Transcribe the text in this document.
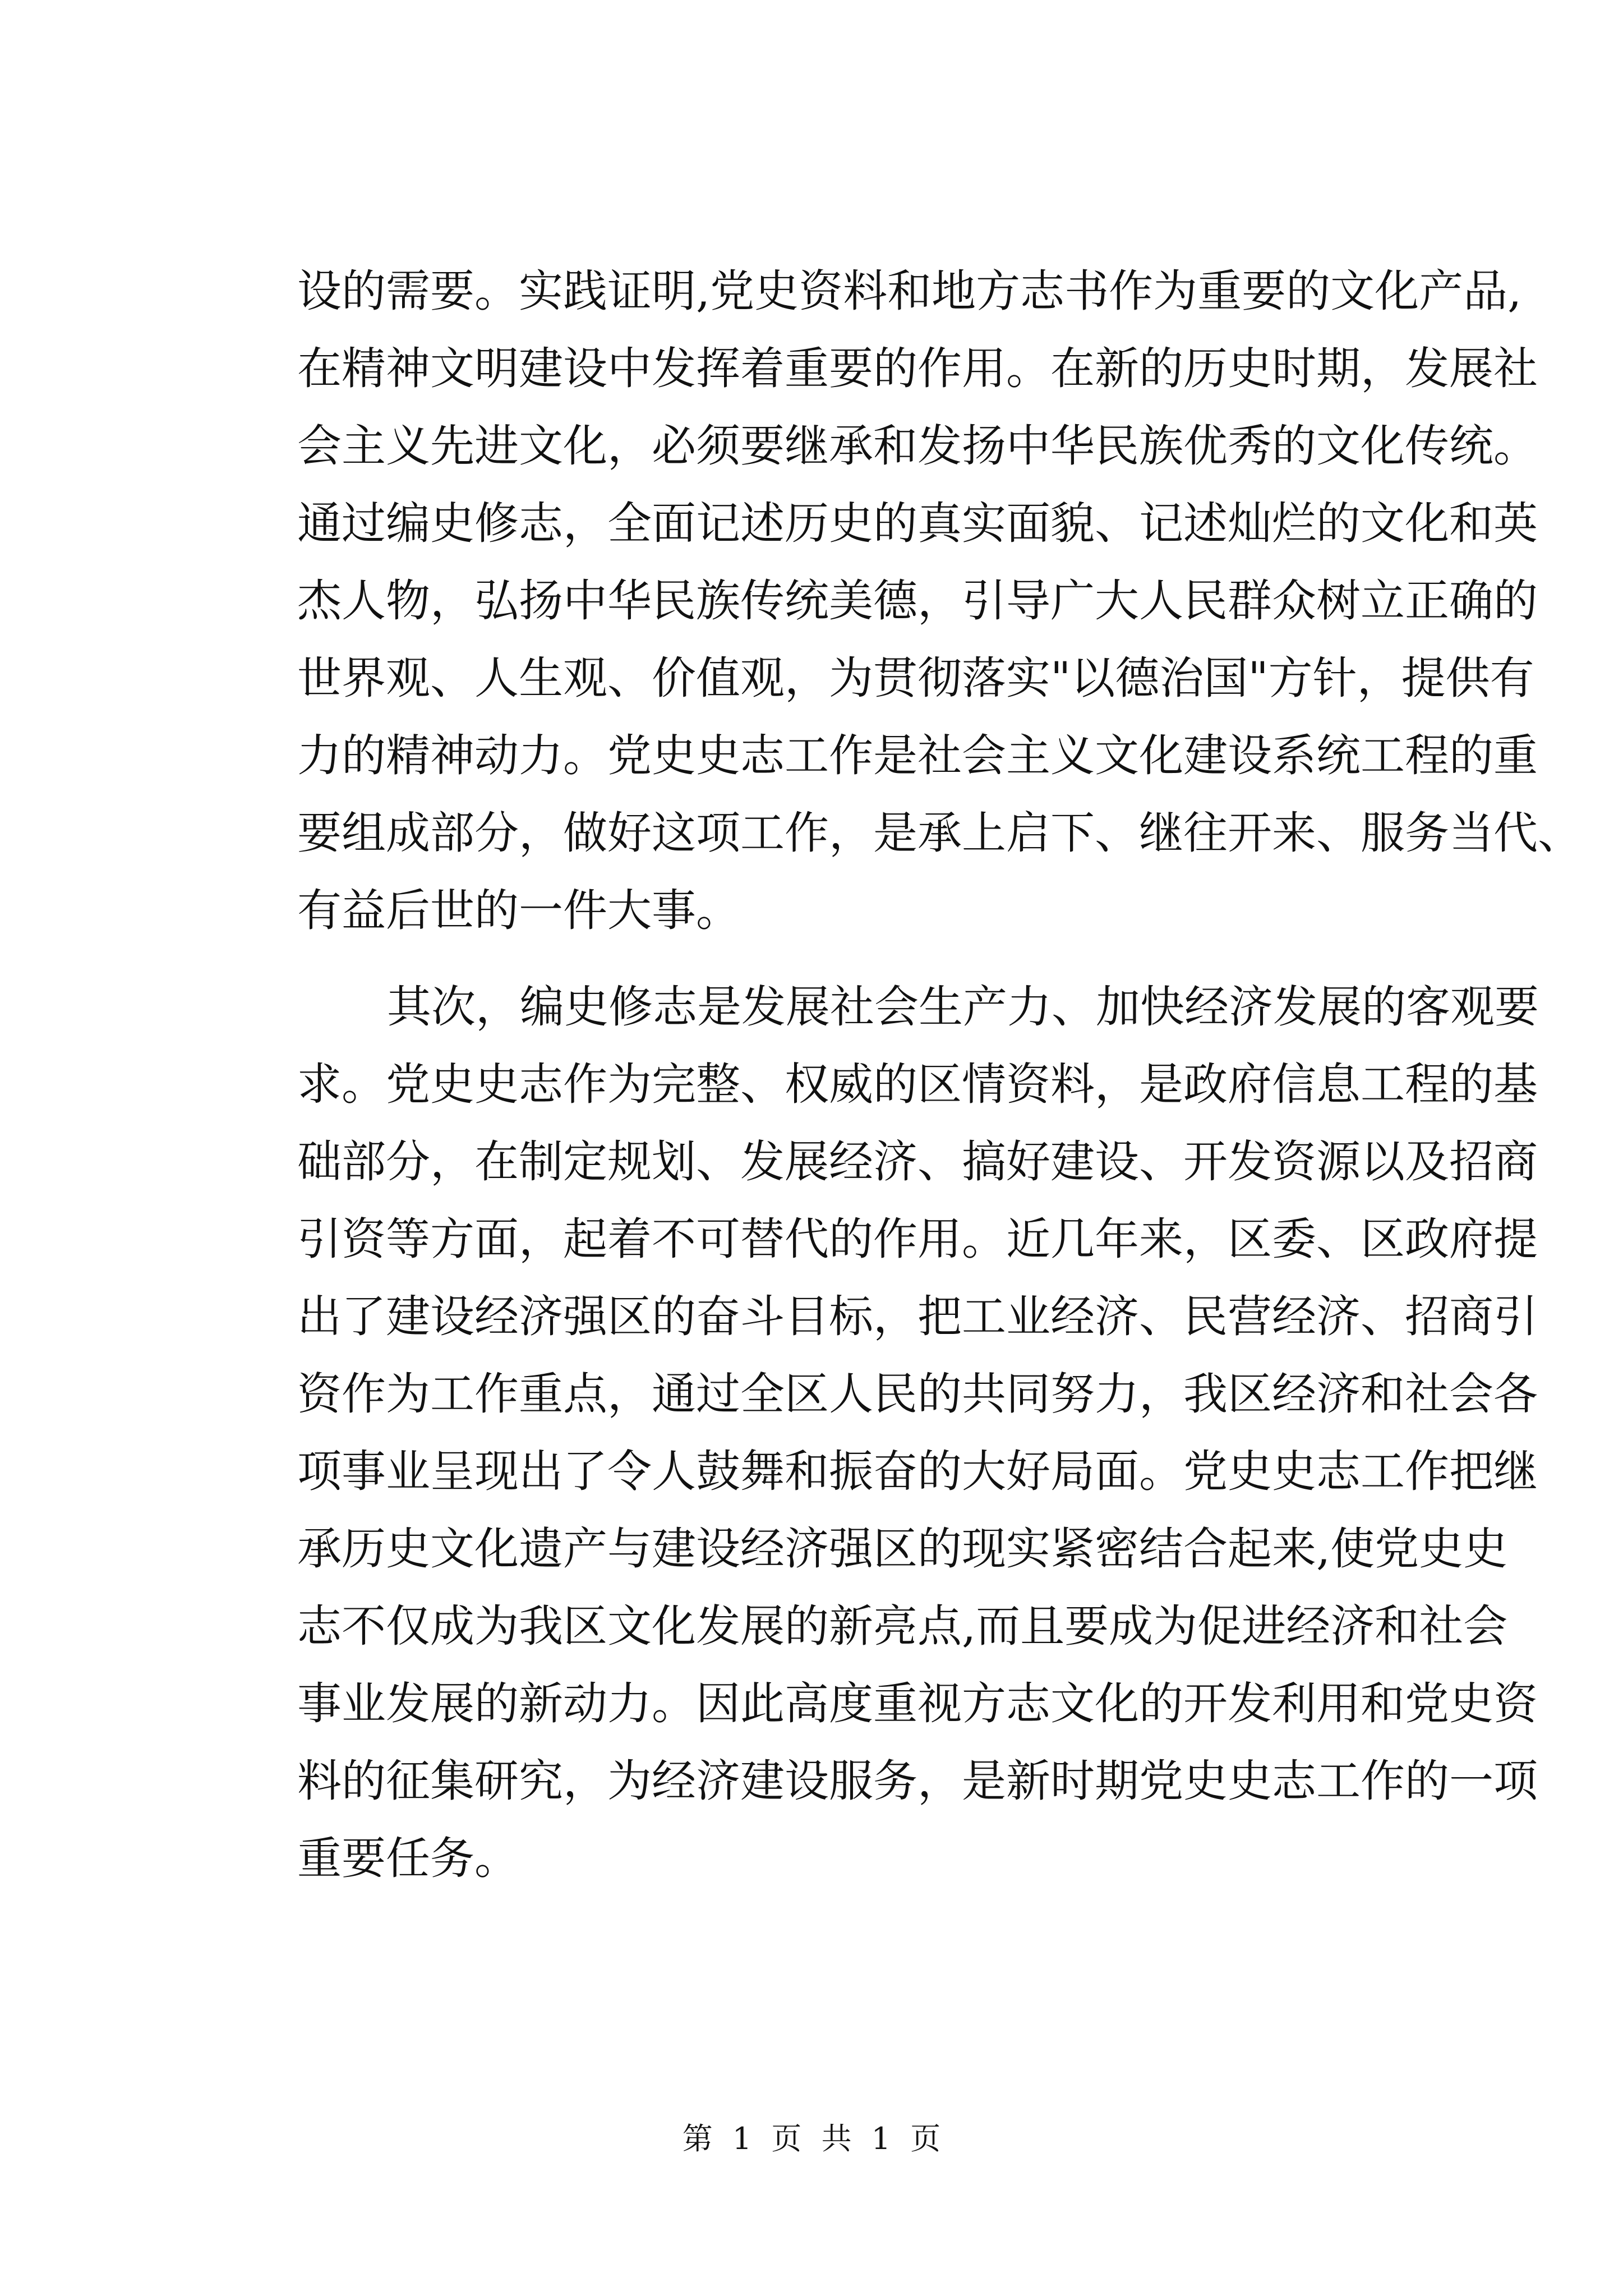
设的需要。实践证明,党史资料和地方志书作为重要的文化产品,
在精神文明建设中发挥着重要的作用。在新的历史时期，发展社
会主义先进文化，必须要继承和发扬中华民族优秀的文化传统。
通过编史修志，全面记述历史的真实面貌、记述灿烂的文化和英
杰人物，弘扬中华民族传统美德，引导广大人民群众树立正确的
世界观、人生观、价值观，为贯彻落实"以德治国"方针，提供有
力的精神动力。党史史志工作是社会主义文化建设系统工程的重
要组成部分，做好这项工作，是承上启下、继往开来、服务当代、
有益后世的一件大事。
其次，编史修志是发展社会生产力、加快经济发展的客观要
求。党史史志作为完整、权威的区情资料，是政府信息工程的基
础部分，在制定规划、发展经济、搞好建设、开发资源以及招商
引资等方面，起着不可替代的作用。近几年来，区委、区政府提
出了建设经济强区的奋斗目标，把工业经济、民营经济、招商引
资作为工作重点，通过全区人民的共同努力，我区经济和社会各
项事业呈现出了令人鼓舞和振奋的大好局面。党史史志工作把继
承历史文化遗产与建设经济强区的现实紧密结合起来,使党史史
志不仅成为我区文化发展的新亮点,而且要成为促进经济和社会
事业发展的新动力。因此高度重视方志文化的开发利用和党史资
料的征集研究，为经济建设服务，是新时期党史史志工作的一项
重要任务。
第 1 页 共 1 页
